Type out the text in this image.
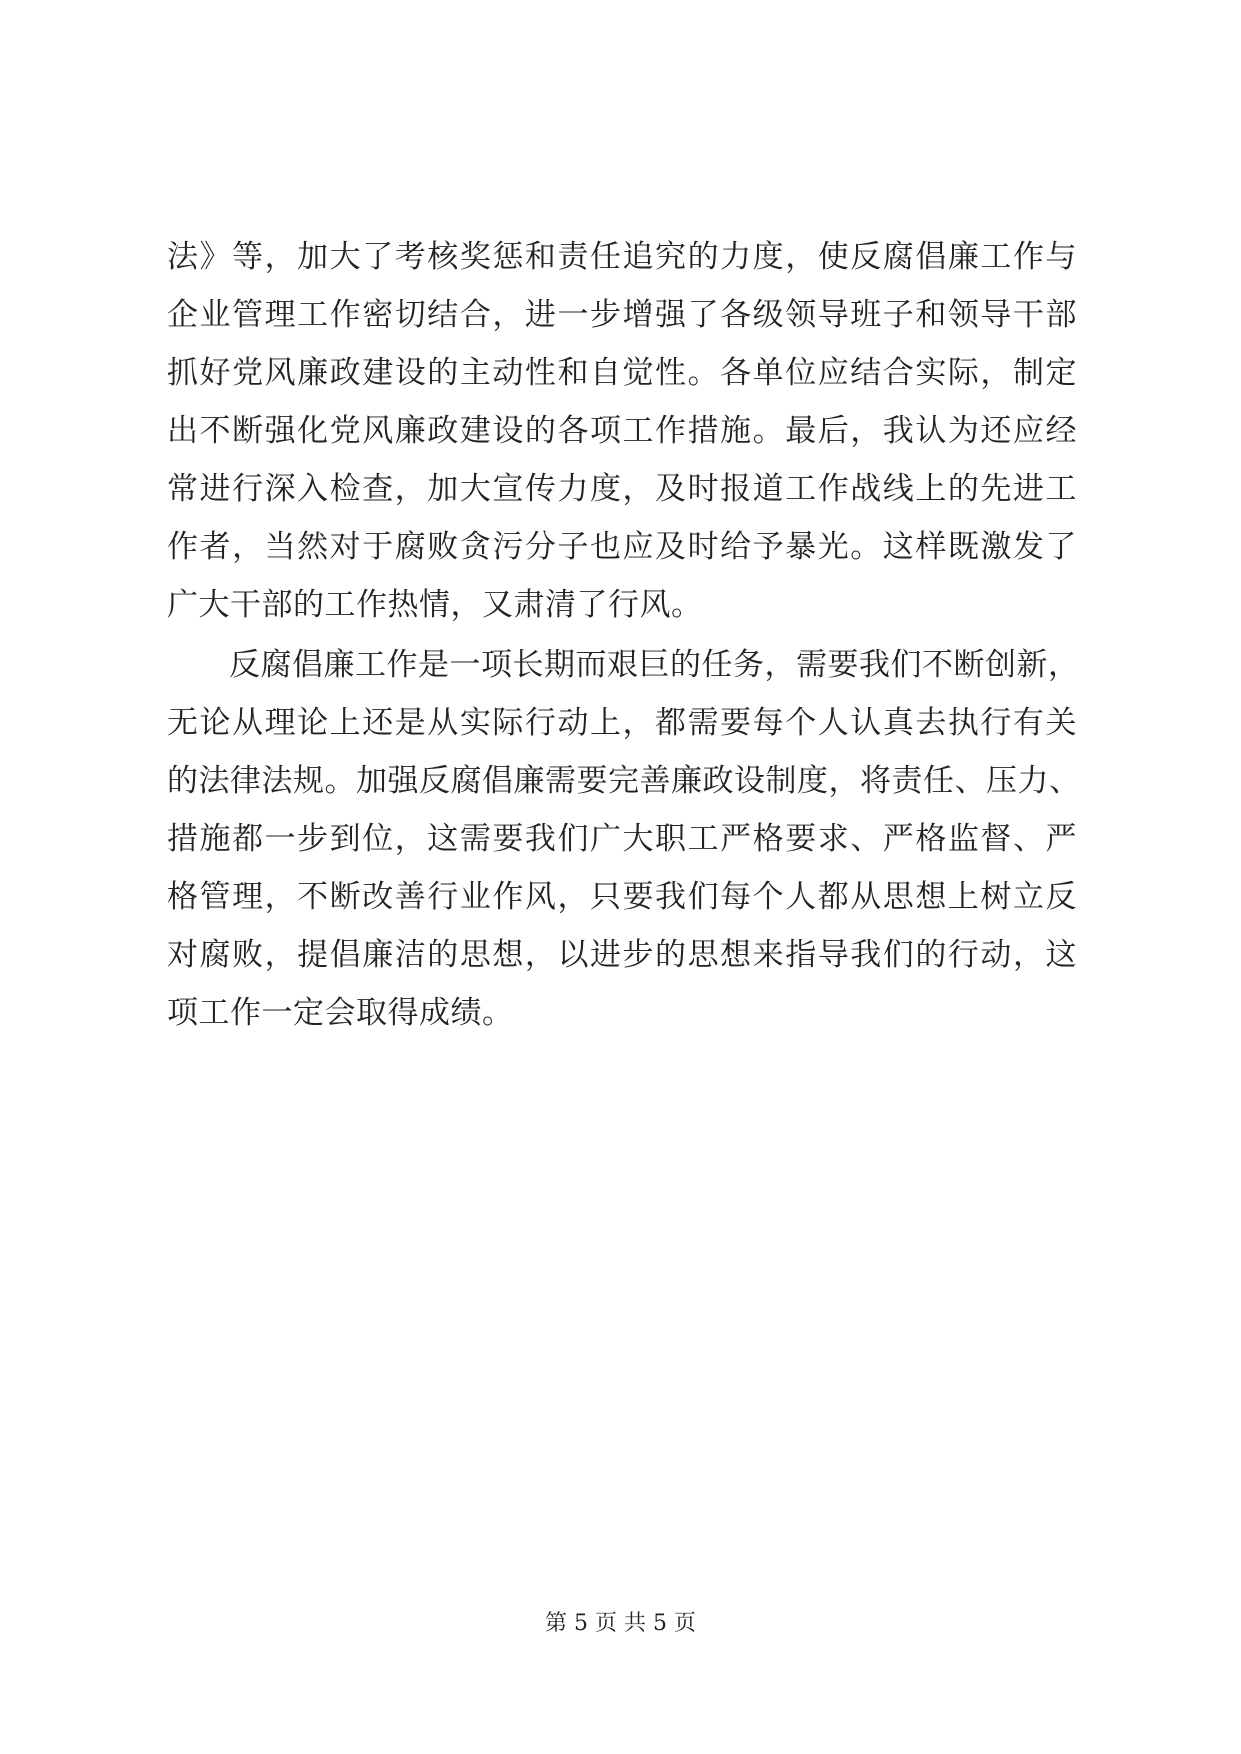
法》等，加大了考核奖惩和责任追究的力度，使反腐倡廉工作与
企业管理工作密切结合，进一步增强了各级领导班子和领导干部
抓好党风廉政建设的主动性和自觉性。各单位应结合实际，制定
出不断强化党风廉政建设的各项工作措施。最后，我认为还应经
常进行深入检查，加大宣传力度，及时报道工作战线上的先进工
作者，当然对于腐败贪污分子也应及时给予暴光。这样既激发了
广大干部的工作热情，又肃清了行风。
反腐倡廉工作是一项长期而艰巨的任务，需要我们不断创新，
无论从理论上还是从实际行动上，都需要每个人认真去执行有关
的法律法规。加强反腐倡廉需要完善廉政设制度，将责任、压力、
措施都一步到位，这需要我们广大职工严格要求、严格监督、严
格管理，不断改善行业作风，只要我们每个人都从思想上树立反
对腐败，提倡廉洁的思想，以进步的思想来指导我们的行动，这
项工作一定会取得成绩。
第 5 页 共 5 页
